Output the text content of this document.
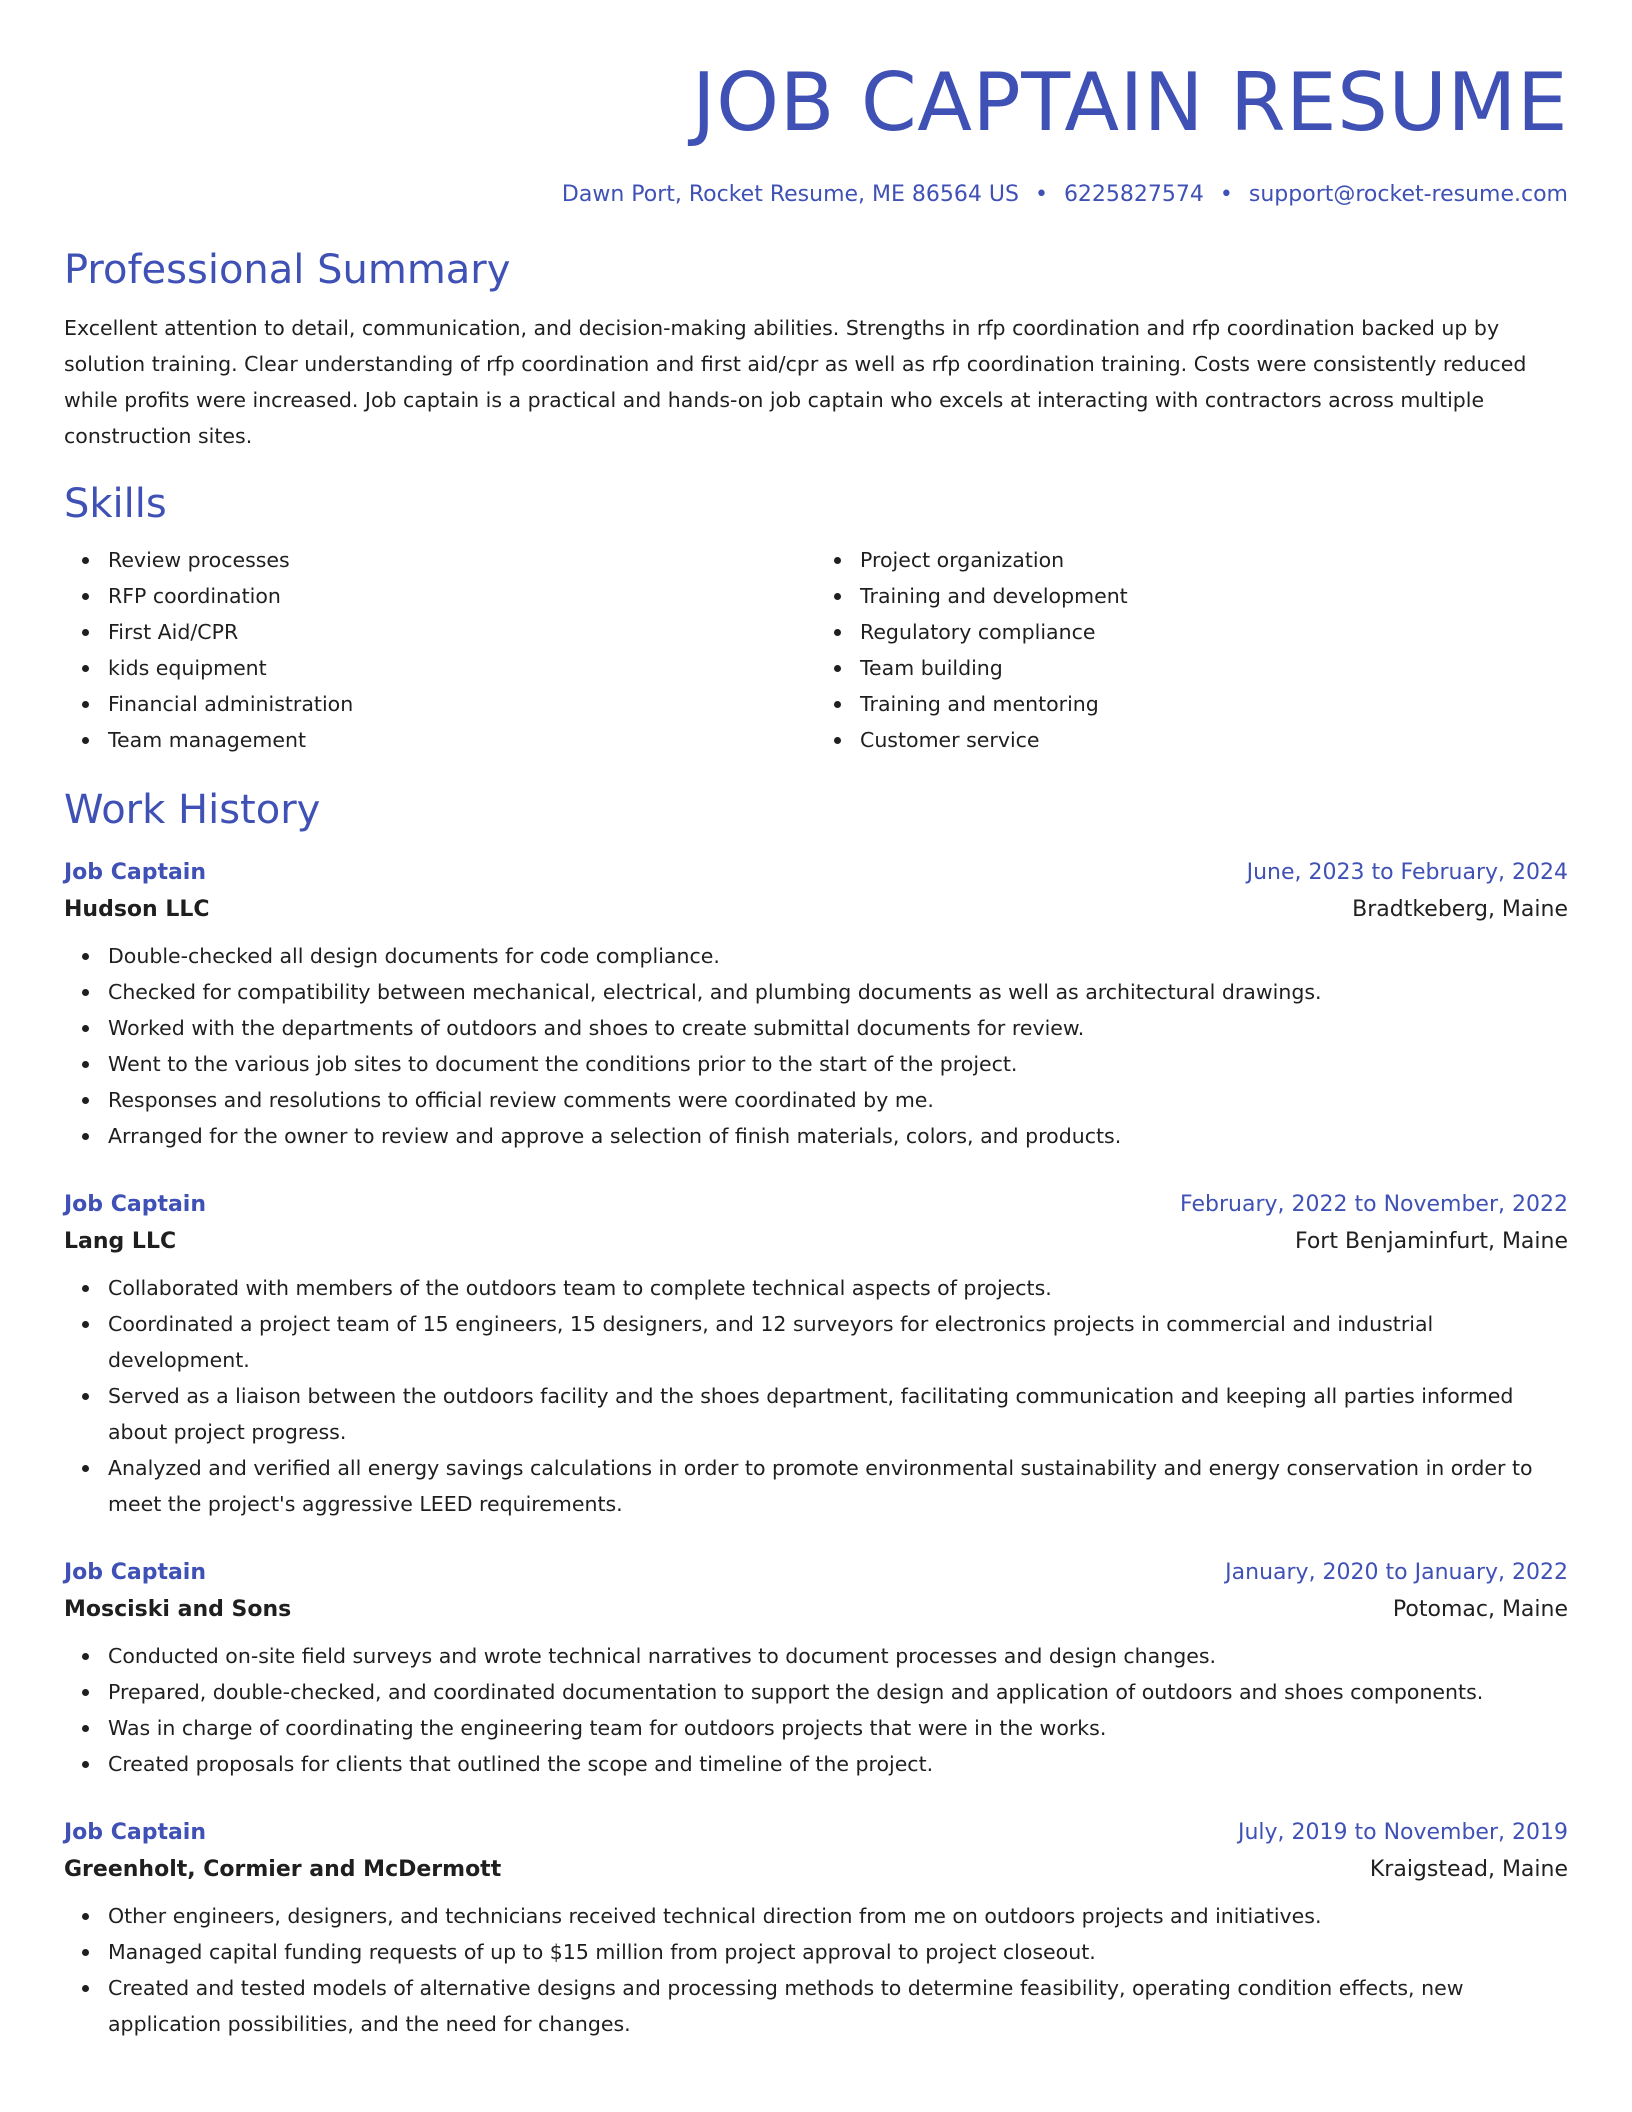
JOB CAPTAIN RESUME
Dawn Port, Rocket Resume, ME 86564 US • 6225827574 • support@rocket-resume.com
Professional Summary

Excellent attention to detail, communication, and decision-making abilities. Strengths in rfp coordination and rfp coordination backed up by solution training. Clear understanding of rfp coordination and first aid/cpr as well as rfp coordination training. Costs were consistently reduced while profits were increased. Job captain is a practical and hands-on job captain who excels at interacting with contractors across multiple construction sites.

Skills
Review processes
RFP coordination
First Aid/CPR
kids equipment
Financial administration
Team management
Project organization
Training and development
Regulatory compliance
Team building
Training and mentoring
Customer service
Work History
Job Captain	June, 2023 to February, 2024
Hudson LLC	Bradtkeberg, Maine
Double-checked all design documents for code compliance.
Checked for compatibility between mechanical, electrical, and plumbing documents as well as architectural drawings.
Worked with the departments of outdoors and shoes to create submittal documents for review.
Went to the various job sites to document the conditions prior to the start of the project.
Responses and resolutions to official review comments were coordinated by me.
Arranged for the owner to review and approve a selection of finish materials, colors, and products.
Job Captain	February, 2022 to November, 2022
Lang LLC	Fort Benjaminfurt, Maine
Collaborated with members of the outdoors team to complete technical aspects of projects.
Coordinated a project team of 15 engineers, 15 designers, and 12 surveyors for electronics projects in commercial and industrial development.
Served as a liaison between the outdoors facility and the shoes department, facilitating communication and keeping all parties informed about project progress.
Analyzed and verified all energy savings calculations in order to promote environmental sustainability and energy conservation in order to meet the project's aggressive LEED requirements.
Job Captain	January, 2020 to January, 2022
Mosciski and Sons	Potomac, Maine
Conducted on-site field surveys and wrote technical narratives to document processes and design changes.
Prepared, double-checked, and coordinated documentation to support the design and application of outdoors and shoes components.
Was in charge of coordinating the engineering team for outdoors projects that were in the works.
Created proposals for clients that outlined the scope and timeline of the project.
Job Captain	July, 2019 to November, 2019
Greenholt, Cormier and McDermott	Kraigstead, Maine
Other engineers, designers, and technicians received technical direction from me on outdoors projects and initiatives.
Managed capital funding requests of up to $15 million from project approval to project closeout.
Created and tested models of alternative designs and processing methods to determine feasibility, operating condition effects, new application possibilities, and the need for changes.
